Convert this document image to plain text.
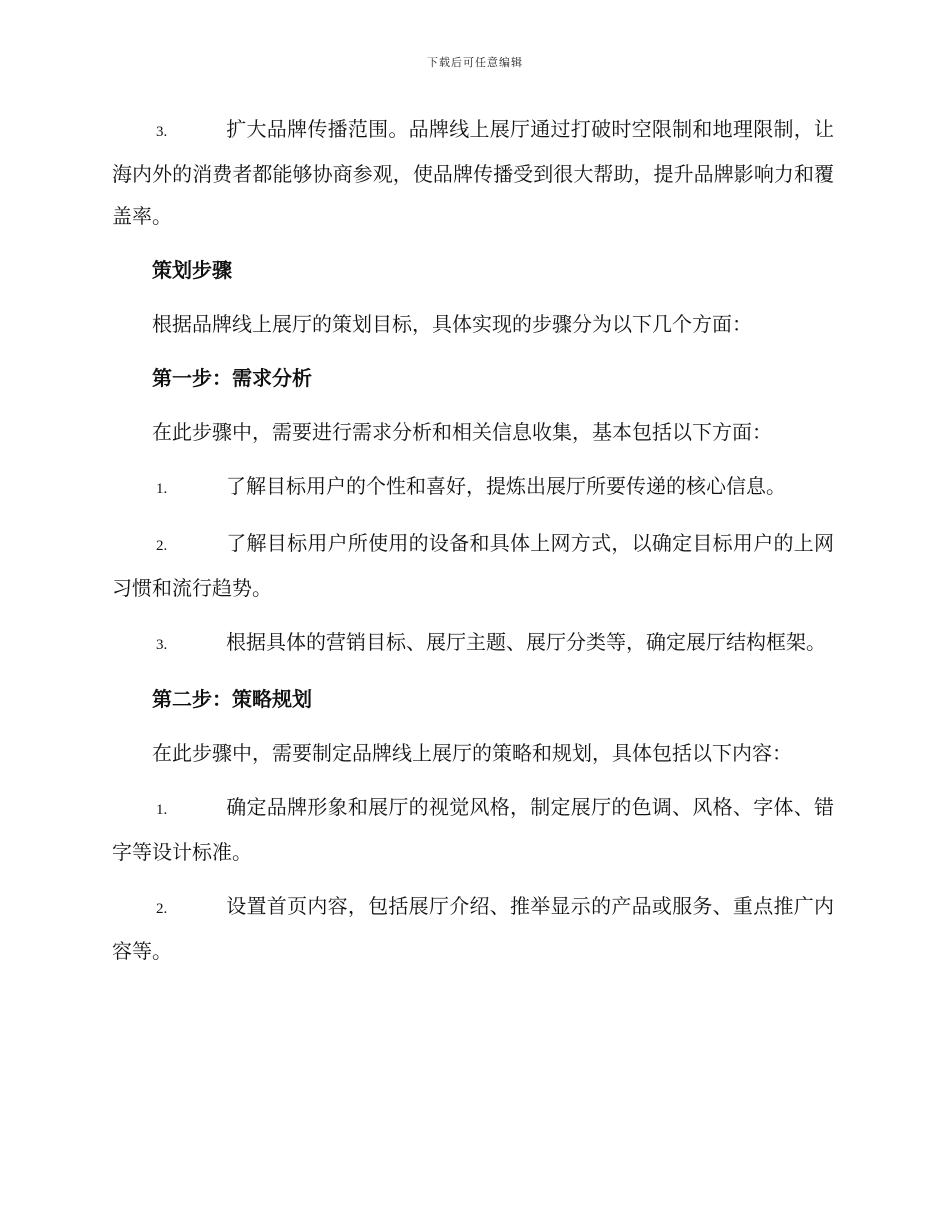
下载后可任意编辑

3.	扩大品牌传播范围。品牌线上展厅通过打破时空限制和地理限制，让海内外的消费者都能够协商参观，使品牌传播受到很大帮助，提升品牌影响力和覆盖率。

策划步骤

根据品牌线上展厅的策划目标，具体实现的步骤分为以下几个方面：

第一步：需求分析

在此步骤中，需要进行需求分析和相关信息收集，基本包括以下方面：

1.	了解目标用户的个性和喜好，提炼出展厅所要传递的核心信息。

2.	了解目标用户所使用的设备和具体上网方式，以确定目标用户的上网习惯和流行趋势。

3.	根据具体的营销目标、展厅主题、展厅分类等，确定展厅结构框架。

第二步：策略规划

在此步骤中，需要制定品牌线上展厅的策略和规划，具体包括以下内容：

1.	确定品牌形象和展厅的视觉风格，制定展厅的色调、风格、字体、错字等设计标准。

2.	设置首页内容，包括展厅介绍、推举显示的产品或服务、重点推广内容等。
